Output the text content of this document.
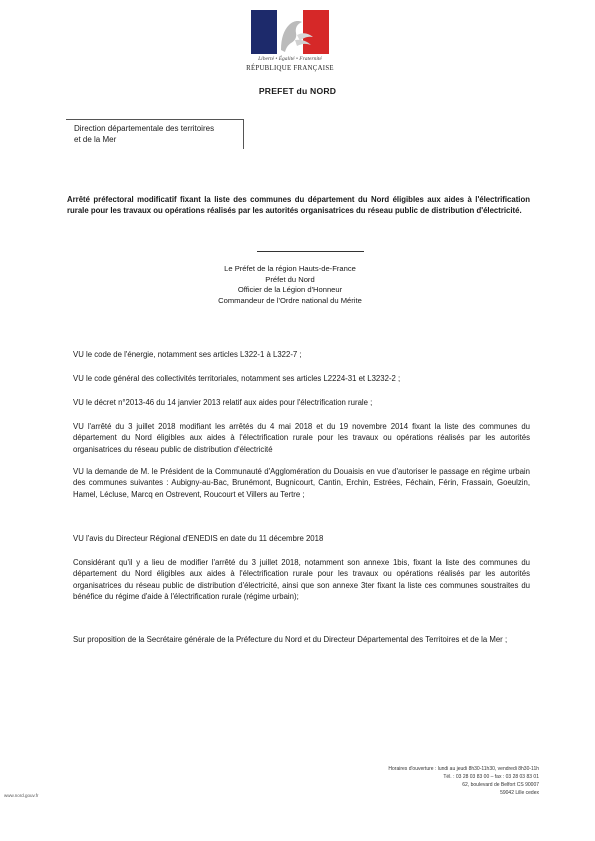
Liberté • Égalité • Fraternité
RÉPUBLIQUE FRANÇAISE
PREFET du NORD
Direction départementale des territoires
et de la Mer
Arrêté préfectoral modificatif fixant la liste des communes du département du Nord éligibles aux aides à l'électrification rurale pour les travaux ou opérations réalisés par les autorités organisatrices du réseau public de distribution d'électricité.
Le Préfet de la région Hauts-de-France
Préfet du Nord
Officier de la Légion d'Honneur
Commandeur de l'Ordre national du Mérite
VU le code de l'énergie, notamment ses articles L322-1 à L322-7 ;
VU le code général des collectivités territoriales, notamment ses articles L2224-31 et L3232-2 ;
VU le décret n°2013-46 du 14 janvier 2013 relatif aux aides pour l'électrification rurale ;
VU l'arrêté du 3 juillet 2018 modifiant les arrêtés du 4 mai 2018 et du 19 novembre 2014 fixant la liste des communes du département du Nord éligibles aux aides à l'électrification rurale pour les travaux ou opérations réalisés par les autorités organisatrices du réseau public de distribution d'électricité
VU la demande de M. le Président de la Communauté d'Agglomération du Douaisis en vue d'autoriser le passage en régime urbain des communes suivantes : Aubigny-au-Bac, Brunémont, Bugnicourt, Cantin, Erchin, Estrées, Féchain, Férin, Frassain, Goeulzin, Hamel, Lécluse, Marcq en Ostrevent, Roucourt et Villers au Tertre ;
VU l'avis du Directeur Régional d'ENEDIS en date du 11 décembre 2018
Considérant qu'il y a lieu de modifier l'arrêté du 3 juillet 2018, notamment son annexe 1bis, fixant la liste des communes du département du Nord éligibles aux aides à l'électrification rurale pour les travaux ou opérations réalisés par les autorités organisatrices du réseau public de distribution d'électricité, ainsi que son annexe 3ter fixant la liste ces communes soustraites du bénéfice du régime d'aide à l'électrification rurale (régime urbain);
Sur proposition de la Secrétaire générale de la Préfecture du Nord et du Directeur Départemental des Territoires et de la Mer ;
Horaires d'ouverture : lundi au jeudi 8h30-11h30, vendredi 8h30-11h
Tél. : 03 28 03 83 00 – fax : 03 28 03 83 01
62, boulevard de Belfort CS 90007
59042 Lille cedex
www.nord.gouv.fr
